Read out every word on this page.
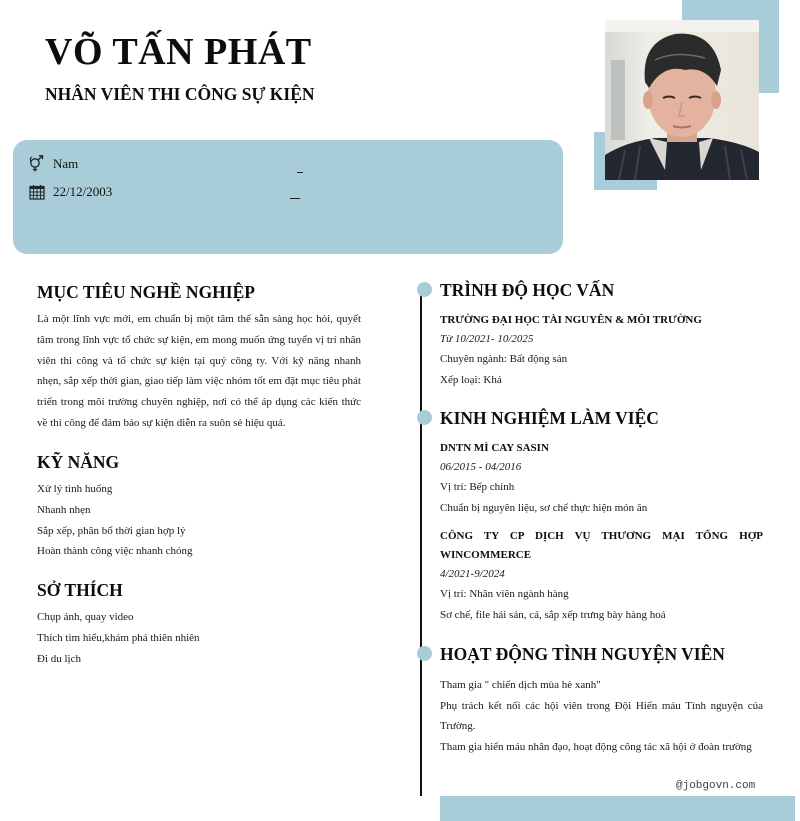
VÕ TẤN PHÁT
NHÂN VIÊN THI CÔNG SỰ KIỆN
Nam
22/12/2003
MỤC TIÊU NGHỀ NGHIỆP
Là một lĩnh vực mới, em chuẩn bị một tâm thế sẵn sàng học hỏi, quyết tâm trong lĩnh vực tổ chức sự kiện, em mong muốn ứng tuyển vị trí nhân viên thi công và tổ chức sự kiện tại quý công ty. Với kỹ năng nhanh nhẹn, sắp xếp thời gian, giao tiếp làm việc nhóm tốt em đặt mục tiêu phát triển trong môi trường chuyên nghiệp, nơi có thể áp dụng các kiến thức về thi công để đảm bảo sự kiện diễn ra suôn sẻ hiệu quả.
KỸ NĂNG
Xử lý tình huống
Nhanh nhẹn
Sắp xếp, phân bổ thời gian hợp lý
Hoàn thành công việc nhanh chóng
SỞ THÍCH
Chụp ảnh, quay video
Thích tìm hiểu,khám phá thiên nhiên
Đi du lịch
TRÌNH ĐỘ HỌC VẤN
TRƯỜNG ĐẠI HỌC TÀI NGUYÊN & MÔI TRƯỜNG
Từ 10/2021- 10/2025
Chuyên ngành: Bất động sản
Xếp loại: Khá
KINH NGHIỆM LÀM VIỆC
DNTN MÌ CAY SASIN
06/2015 - 04/2016
Vị trí: Bếp chính
Chuẩn bị nguyên liệu, sơ chế thực hiện món ăn
CÔNG TY CP DỊCH VỤ THƯƠNG MẠI TỔNG HỢP WINCOMMERCE
4/2021-9/2024
Vị trí: Nhân viên ngành hàng
Sơ chế, file hải sản, cá, sắp xếp trưng bày hàng hoá
HOẠT ĐỘNG TÌNH NGUYỆN VIÊN
Tham gia " chiến dịch mùa hè xanh"
Phụ trách kết nối các hội viên trong Đội Hiến máu Tình nguyện của Trường.
Tham gia hiến máu nhân đạo, hoạt động công tác xã hội ở đoàn trường
@jobgovn.com
